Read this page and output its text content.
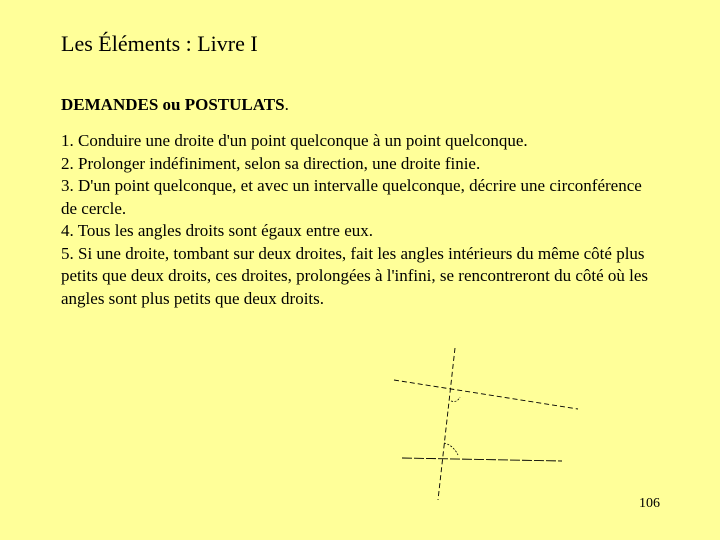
Les Éléments : Livre I
DEMANDES ou POSTULATS.
1. Conduire une droite d'un point quelconque à un point quelconque.
2. Prolonger indéfiniment, selon sa direction, une droite finie.
3. D'un point quelconque, et avec un intervalle quelconque, décrire une circonférence de cercle.
4. Tous les angles droits sont égaux entre eux.
5. Si une droite, tombant sur deux droites, fait les angles intérieurs du même côté plus petits que deux droits, ces droites, prolongées à l'infini, se rencontreront du côté où les angles sont plus petits que deux droits.
106
